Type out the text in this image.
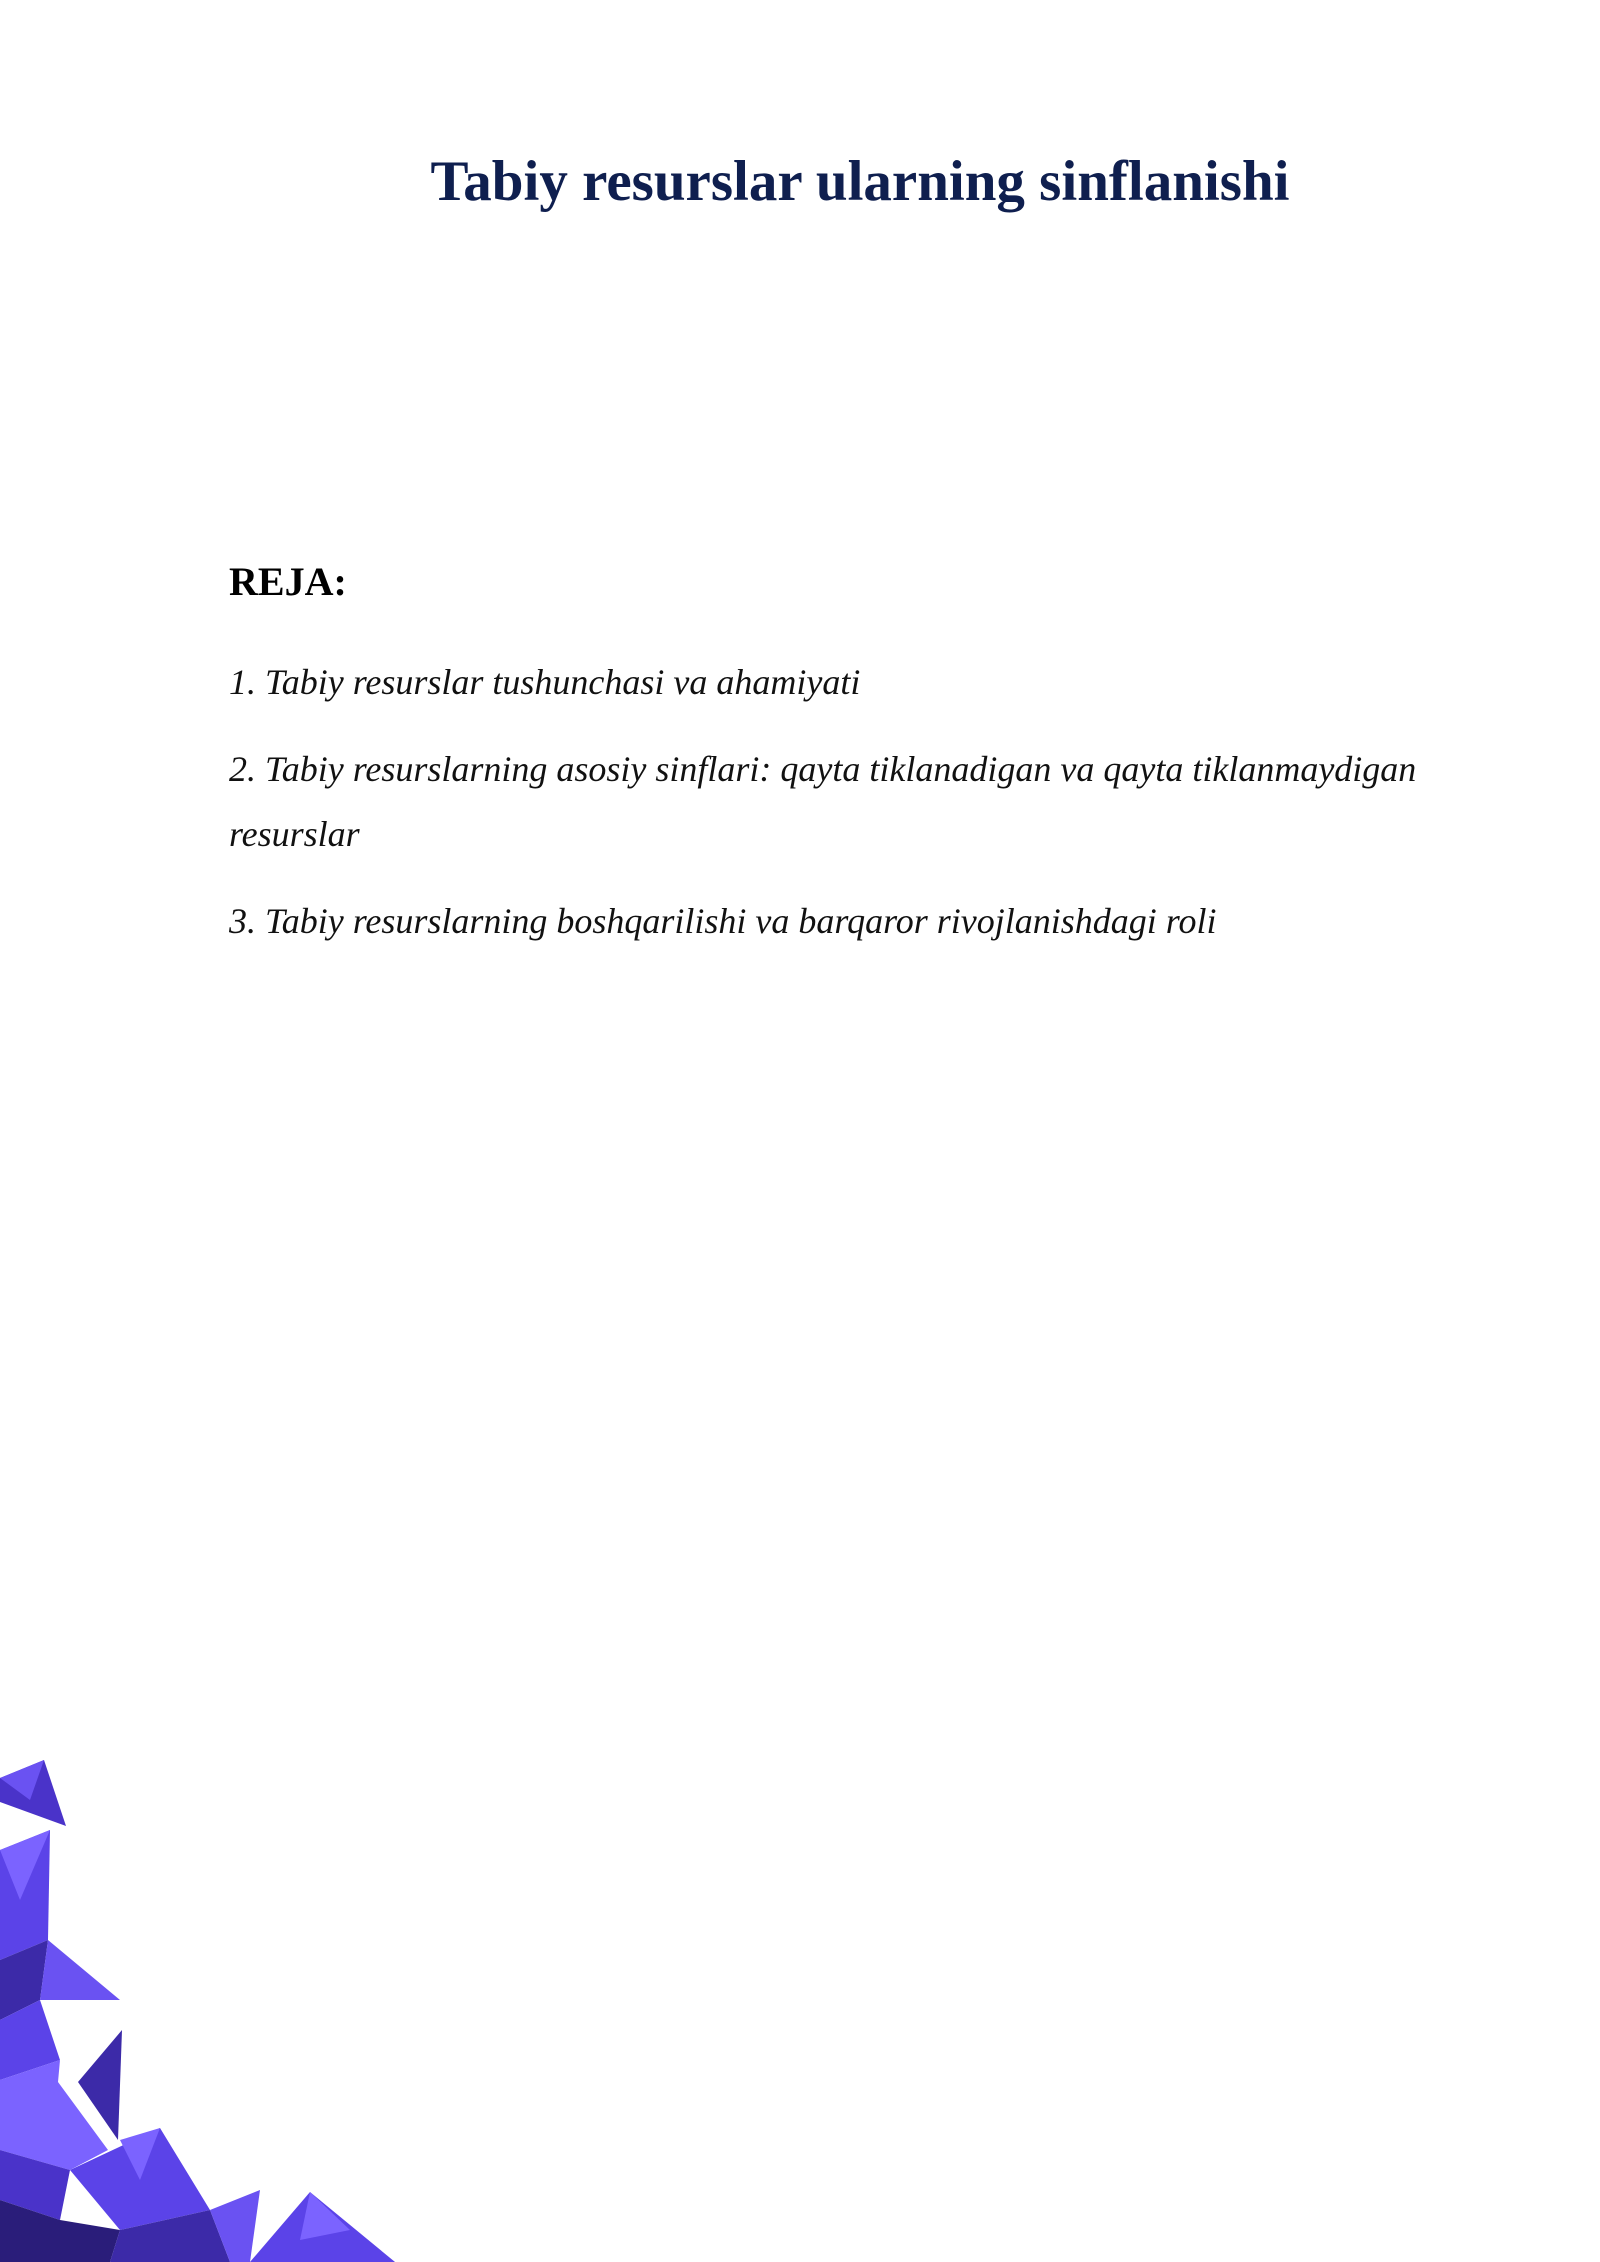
Tabiy resurslar ularning sinflanishi
REJA:
1. Tabiy resurslar tushunchasi va ahamiyati
2. Tabiy resurslarning asosiy sinflari: qayta tiklanadigan va qayta tiklanmaydigan resurslar
3. Tabiy resurslarning boshqarilishi va barqaror rivojlanishdagi roli
